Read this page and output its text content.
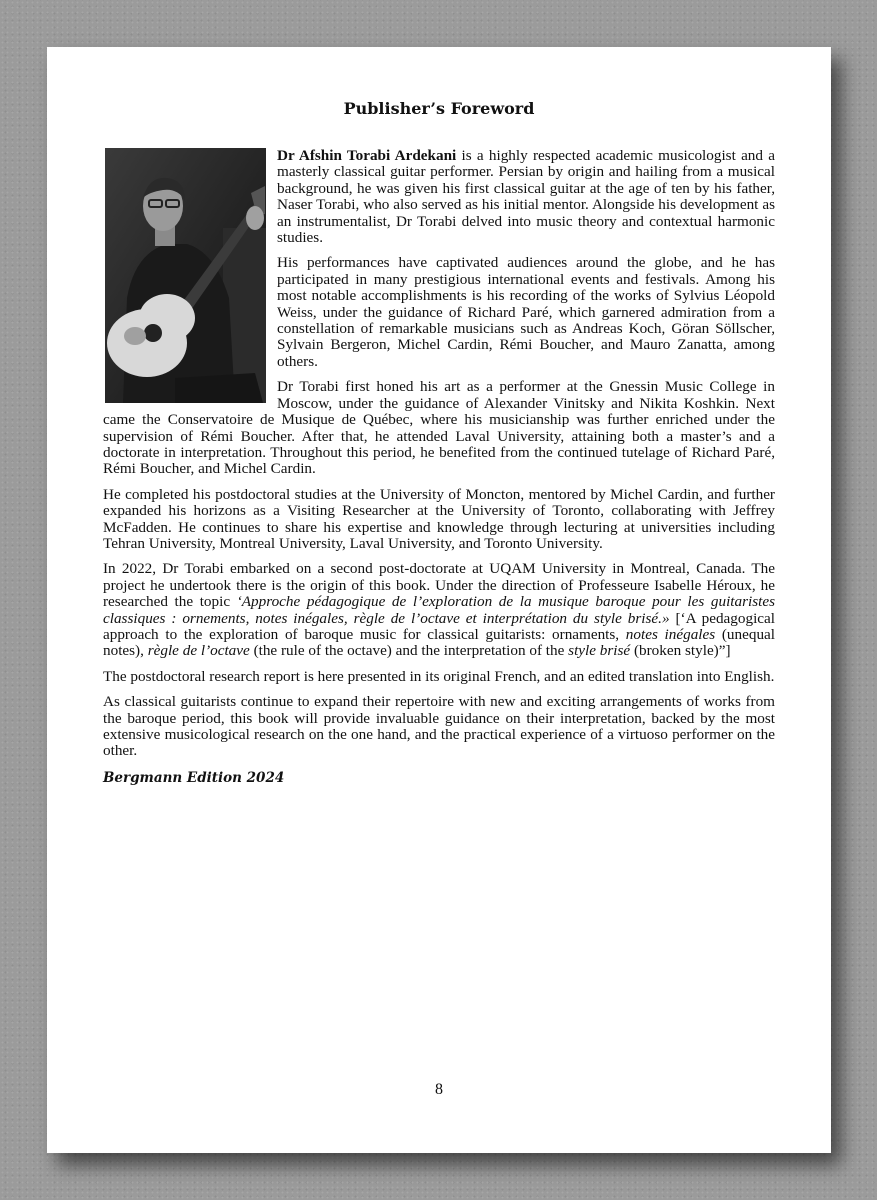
Publisher’s Foreword

Dr Afshin Torabi Ardekani is a highly respected academic musicologist and a masterly classical guitar performer. Persian by origin and hailing from a musical background, he was given his first classical guitar at the age of ten by his father, Naser Torabi, who also served as his initial mentor. Alongside his development as an instrumentalist, Dr Torabi delved into music theory and contextual harmonic studies.

His performances have captivated audiences around the globe, and he has participated in many prestigious international events and festivals. Among his most notable accomplishments is his recording of the works of Sylvius Léopold Weiss, under the guidance of Richard Paré, which garnered admiration from a constellation of remarkable musicians such as Andreas Koch, Göran Söllscher, Sylvain Bergeron, Michel Cardin, Rémi Boucher, and Mauro Zanatta, among others.

Dr Torabi first honed his art as a performer at the Gnessin Music College in Moscow, under the guidance of Alexander Vinitsky and Nikita Koshkin. Next came the Conservatoire de Musique de Québec, where his musicianship was further enriched under the supervision of Rémi Boucher. After that, he attended Laval University, attaining both a master’s and a doctorate in interpretation. Throughout this period, he benefited from the continued tutelage of Richard Paré, Rémi Boucher, and Michel Cardin.

He completed his postdoctoral studies at the University of Moncton, mentored by Michel Cardin, and further expanded his horizons as a Visiting Researcher at the University of Toronto, collaborating with Jeffrey McFadden. He continues to share his expertise and knowledge through lecturing at universities including Tehran University, Montreal University, Laval University, and Toronto University.

In 2022, Dr Torabi embarked on a second post-doctorate at UQAM University in Montreal, Canada. The project he undertook there is the origin of this book. Under the direction of Professeure Isabelle Héroux, he researched the topic ‘Approche pédagogique de l’exploration de la musique baroque pour les guitaristes classiques : ornements, notes inégales, règle de l’octave et interprétation du style brisé.» [‘A pedagogical approach to the exploration of baroque music for classical guitarists: ornaments, notes inégales (unequal notes), règle de l’octave (the rule of the octave) and the interpretation of the style brisé (broken style)”]

The postdoctoral research report is here presented in its original French, and an edited translation into English.

As classical guitarists continue to expand their repertoire with new and exciting arrangements of works from the baroque period, this book will provide invaluable guidance on their interpretation, backed by the most extensive musicological research on the one hand, and the practical experience of a virtuoso performer on the other.

Bergmann Edition 2024
8
